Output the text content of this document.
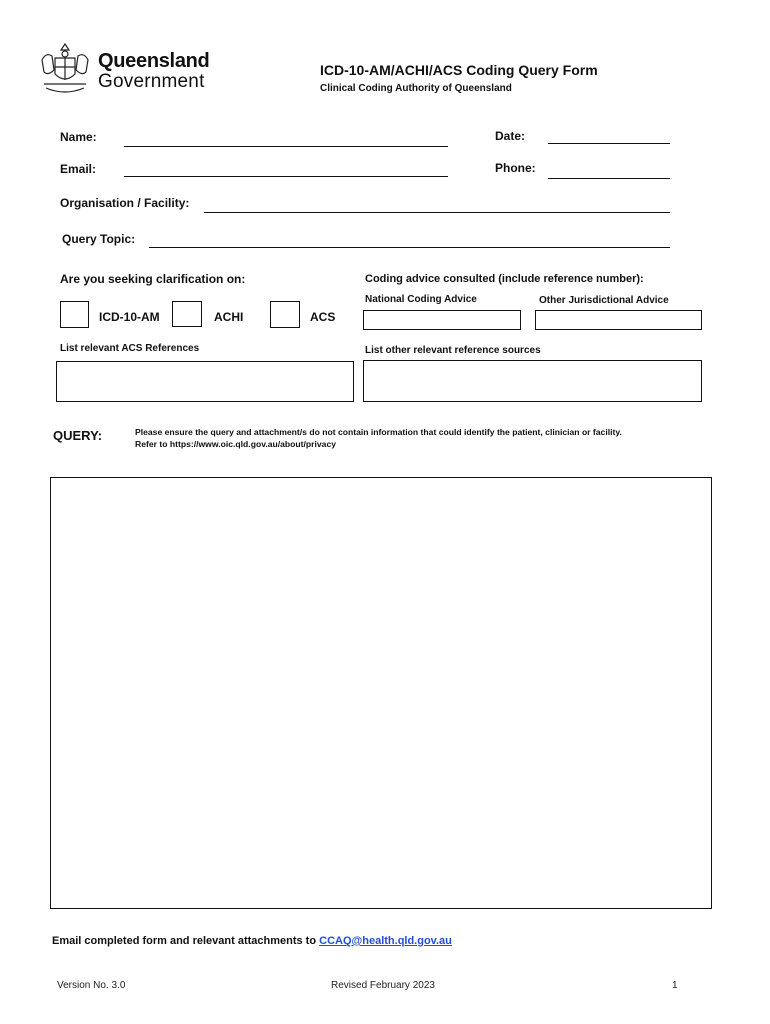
Queensland
Government
ICD-10-AM/ACHI/ACS Coding Query Form
Clinical Coding Authority of Queensland
Name:	Date:
Email:	Phone:
Organisation / Facility:
Query Topic:
Are you seeking clarification on:
ICD-10-AM	ACHI	ACS
Coding advice consulted (include reference number):
National Coding Advice	Other Jurisdictional Advice
List relevant ACS References	List other relevant reference sources
QUERY:	Please ensure the query and attachment/s do not contain information that could identify the patient, clinician or facility.
Refer to https://www.oic.qld.gov.au/about/privacy
Email completed form and relevant attachments to CCAQ@health.qld.gov.au
Version No. 3.0	Revised February 2023	1
